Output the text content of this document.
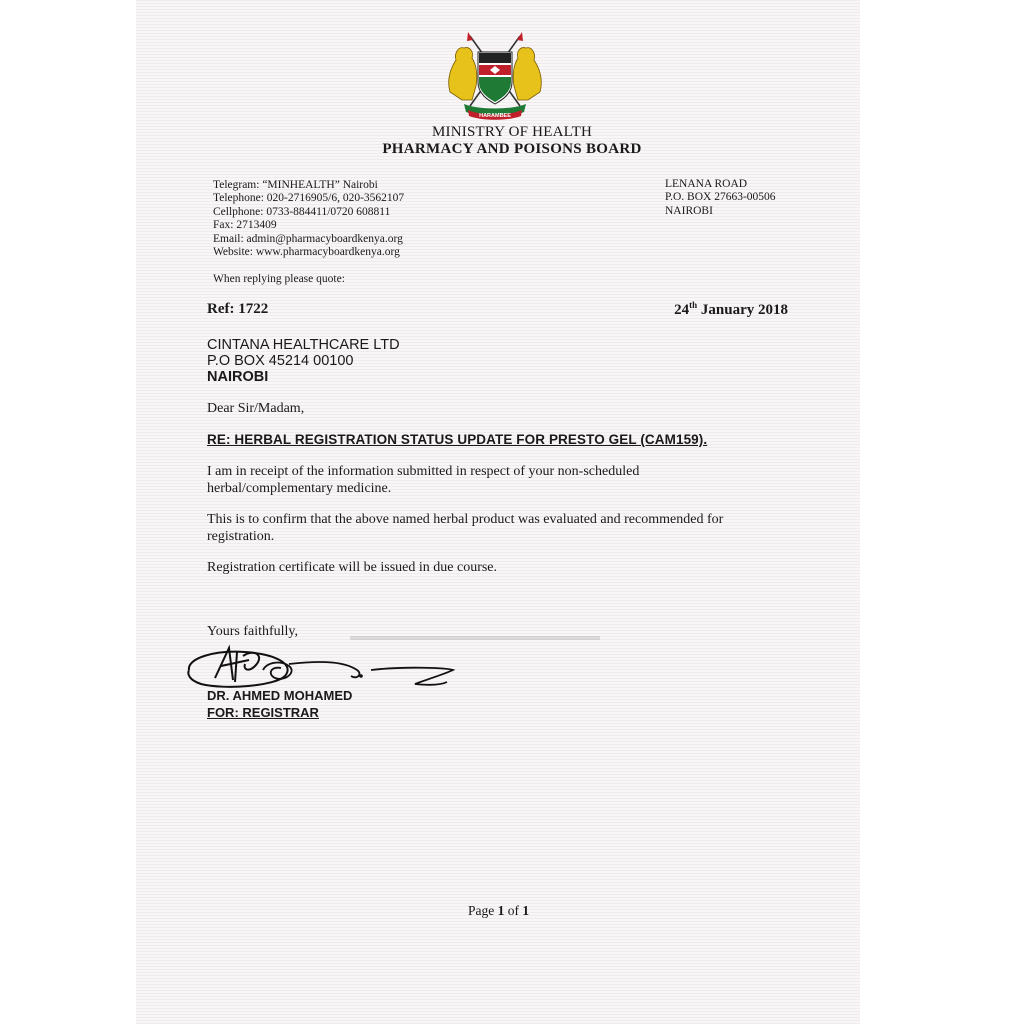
HARAMBEE
MINISTRY OF HEALTH
PHARMACY AND POISONS BOARD
Telegram: “MINHEALTH” Nairobi
Telephone: 020-2716905/6, 020-3562107
Cellphone: 0733-884411/0720 608811
Fax: 2713409
Email: admin@pharmacyboardkenya.org
Website: www.pharmacyboardkenya.org
LENANA ROAD
P.O. BOX 27663-00506
NAIROBI
When replying please quote:
Ref: 1722	24th January 2018
CINTANA HEALTHCARE LTD
P.O BOX 45214 00100
NAIROBI
Dear Sir/Madam,
RE: HERBAL REGISTRATION STATUS UPDATE FOR PRESTO GEL (CAM159).
I am in receipt of the information submitted in respect of your non-scheduled herbal/complementary medicine.
This is to confirm that the above named herbal product was evaluated and recommended for registration.
Registration certificate will be issued in due course.
Yours faithfully,
DR. AHMED MOHAMED
FOR: REGISTRAR
Page 1 of 1
